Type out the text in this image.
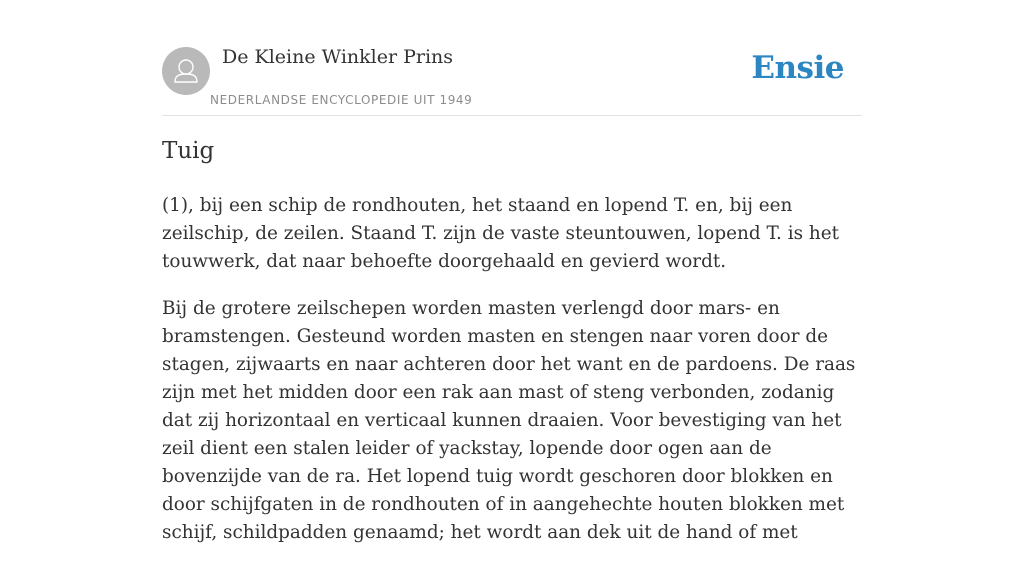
De Kleine Winkler Prins
NEDERLANDSE ENCYCLOPEDIE UIT 1949
Ensie
Tuig

(1), bij een schip de rondhouten, het staand en lopend T. en, bij een zeilschip, de zeilen. Staand T. zijn de vaste steuntouwen, lopend T. is het touwwerk, dat naar behoefte doorgehaald en gevierd wordt.

Bij de grotere zeilschepen worden masten verlengd door mars- en bramstengen. Gesteund worden masten en stengen naar voren door de stagen, zijwaarts en naar achteren door het want en de pardoens. De raas zijn met het midden door een rak aan mast of steng verbonden, zodanig dat zij horizontaal en verticaal kunnen draaien. Voor bevestiging van het zeil dient een stalen leider of yackstay, lopende door ogen aan de bovenzijde van de ra. Het lopend tuig wordt geschoren door blokken en door schijfgaten in de rondhouten of in aangehechte houten blokken met schijf, schildpadden genaamd; het wordt aan dek uit de hand of met
